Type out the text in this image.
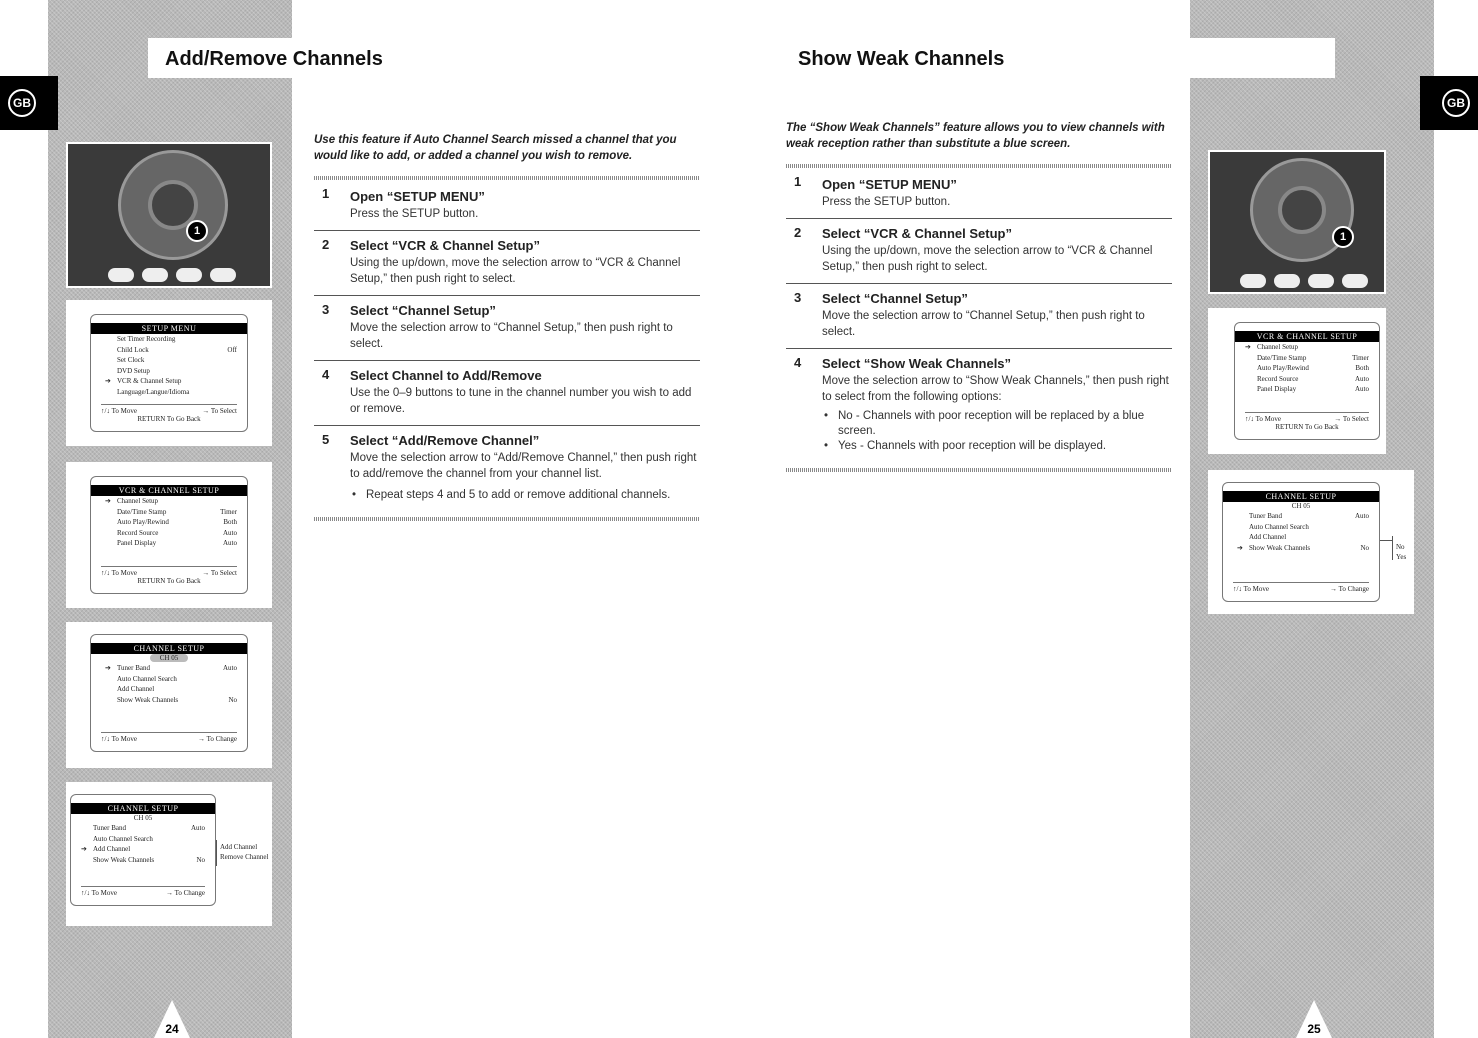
GB	GB
Add/Remove Channels	Show Weak Channels
1	1
SETUP MENU
Set Timer Recording
Child Lock	Off
Set Clock
DVD Setup
➔ VCR & Channel Setup
Language/Langue/Idioma
↑/↓ To Move	→ To Select
RETURN To Go Back
VCR & CHANNEL SETUP
➔ Channel Setup
Date/Time Stamp	Timer
Auto Play/Rewind	Both
Record Source	Auto
Panel Display	Auto
↑/↓ To Move	→ To Select
RETURN To Go Back
CHANNEL SETUP
CH 05
➔ Tuner Band	Auto
Auto Channel Search
Add Channel
Show Weak Channels	No
↑/↓ To Move	→ To Change
CHANNEL SETUP
CH 05
Tuner Band	Auto
Auto Channel Search
➔ Add Channel
Show Weak Channels	No
↑/↓ To Move	→ To Change
Add Channel
Remove Channel
VCR & CHANNEL SETUP
➔ Channel Setup
Date/Time Stamp	Timer
Auto Play/Rewind	Both
Record Source	Auto
Panel Display	Auto
↑/↓ To Move	→ To Select
RETURN To Go Back
CHANNEL SETUP
CH 05
Tuner Band	Auto
Auto Channel Search
Add Channel
➔ Show Weak Channels	No
↑/↓ To Move	→ To Change
No
Yes

Use this feature if Auto Channel Search missed a channel that you would like to add, or added a channel you wish to remove.

1 Open “SETUP MENU”
Press the SETUP button.
2 Select “VCR & Channel Setup”
Using the up/down, move the selection arrow to “VCR & Channel Setup,” then push right to select.
3 Select “Channel Setup”
Move the selection arrow to “Channel Setup,” then push right to select.
4 Select Channel to Add/Remove
Use the 0–9 buttons to tune in the channel number you wish to add or remove.
5 Select “Add/Remove Channel”
Move the selection arrow to “Add/Remove Channel,” then push right to add/remove the channel from your channel list.
• Repeat steps 4 and 5 to add or remove additional channels.

The “Show Weak Channels” feature allows you to view channels with weak reception rather than substitute a blue screen.

1 Open “SETUP MENU”
Press the SETUP button.
2 Select “VCR & Channel Setup”
Using the up/down, move the selection arrow to “VCR & Channel Setup,” then push right to select.
3 Select “Channel Setup”
Move the selection arrow to “Channel Setup,” then push right to select.
4 Select “Show Weak Channels”
Move the selection arrow to “Show Weak Channels,” then push right to select from the following options:
• No - Channels with poor reception will be replaced by a blue screen.
• Yes - Channels with poor reception will be displayed.
24	25
